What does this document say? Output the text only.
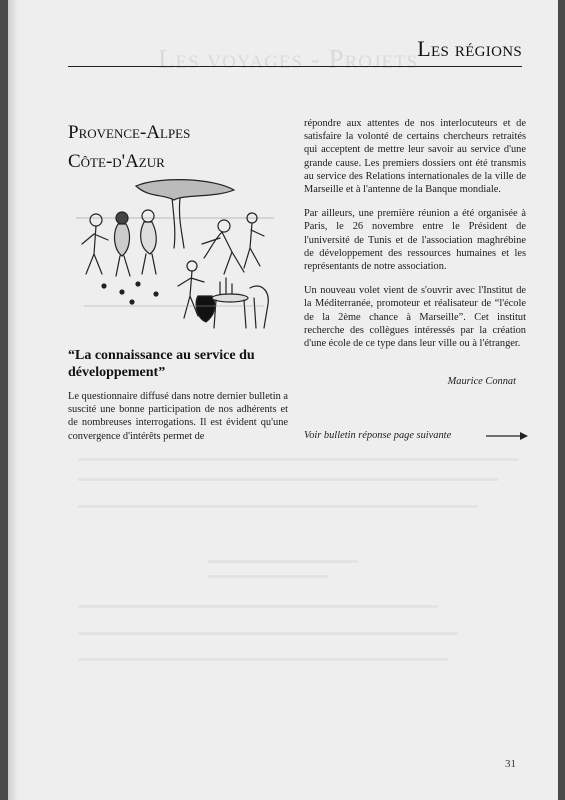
Les voyages - Projets Les régions
Provence-Alpes
Côte-d'Azur
“La connaissance au service du développement”

Le questionnaire diffusé dans notre dernier bulletin a suscité une bonne participation de nos adhérents et de nombreuses interrogations. Il est évident qu'une convergence d'intérêts permet de

répondre aux attentes de nos interlocuteurs et de satisfaire la volonté de certains chercheurs retraités qui acceptent de mettre leur savoir au service d'une grande cause. Les premiers dossiers ont été transmis au service des Relations internationales de la ville de Marseille et à l'antenne de la Banque mondiale.

Par ailleurs, une première réunion a été organisée à Paris, le 26 novembre entre le Président de l'université de Tunis et de l'association maghrébine de développement des ressources humaines et les représentants de notre association.

Un nouveau volet vient de s'ouvrir avec l'Institut de la Méditerranée, promoteur et réalisateur de “l'école de la 2ème chance à Marseille”. Cet institut recherche des collègues intéressés par la création d'une école de ce type dans leur ville ou à l'étranger.

Maurice Connat
Voir bulletin réponse page suivante
31
